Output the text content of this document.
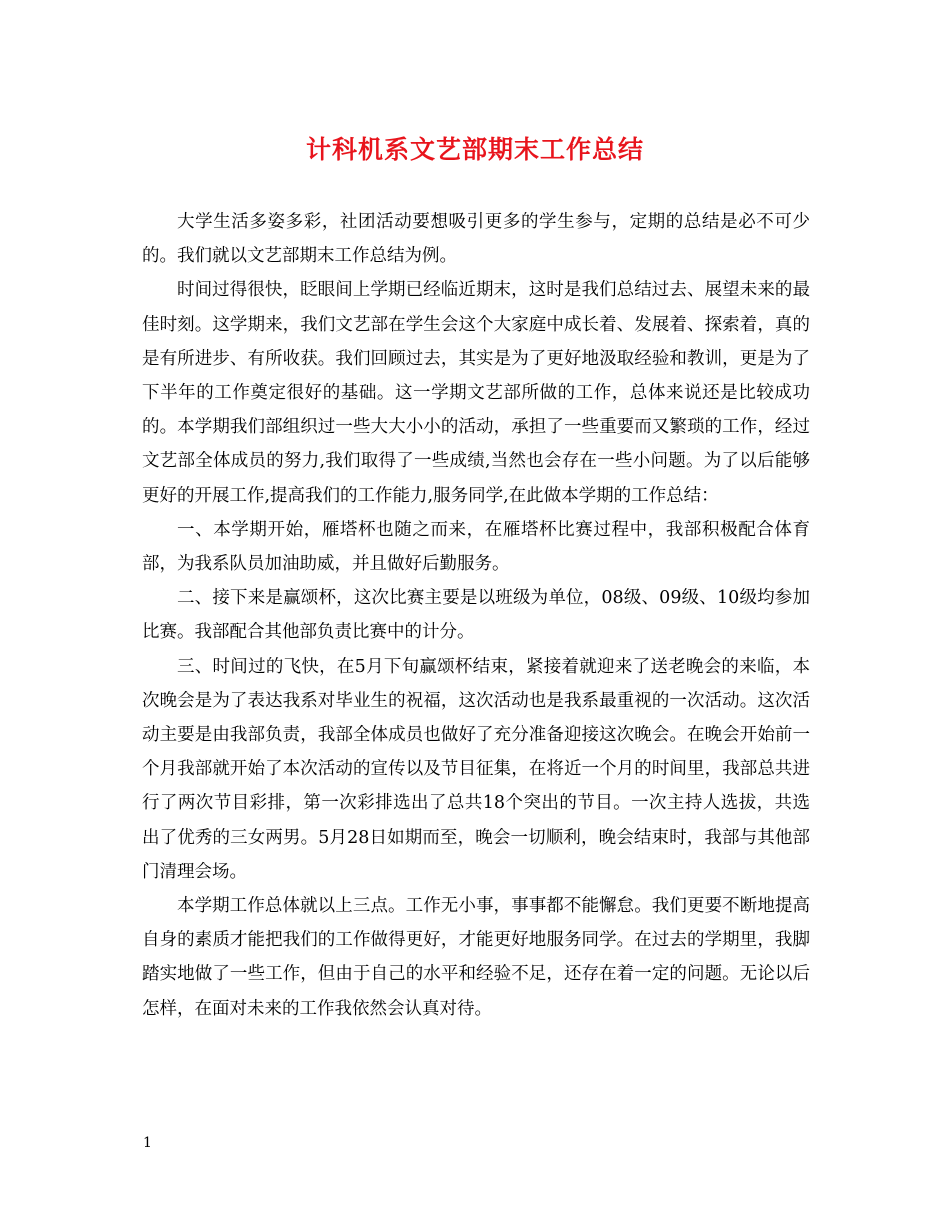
计科机系文艺部期末工作总结

大学生活多姿多彩，社团活动要想吸引更多的学生参与，定期的总结是必不可少的。我们就以文艺部期末工作总结为例。

时间过得很快，眨眼间上学期已经临近期末，这时是我们总结过去、展望未来的最佳时刻。这学期来，我们文艺部在学生会这个大家庭中成长着、发展着、探索着，真的是有所进步、有所收获。我们回顾过去，其实是为了更好地汲取经验和教训，更是为了下半年的工作奠定很好的基础。这一学期文艺部所做的工作，总体来说还是比较成功的。本学期我们部组织过一些大大小小的活动，承担了一些重要而又繁琐的工作，经过文艺部全体成员的努力,我们取得了一些成绩,当然也会存在一些小问题。为了以后能够更好的开展工作,提高我们的工作能力,服务同学,在此做本学期的工作总结：

一、本学期开始，雁塔杯也随之而来，在雁塔杯比赛过程中，我部积极配合体育部，为我系队员加油助威，并且做好后勤服务。

二、接下来是赢颂杯，这次比赛主要是以班级为单位，08级、09级、10级均参加比赛。我部配合其他部负责比赛中的计分。

三、时间过的飞快，在5月下旬赢颂杯结束，紧接着就迎来了送老晚会的来临，本次晚会是为了表达我系对毕业生的祝福，这次活动也是我系最重视的一次活动。这次活动主要是由我部负责，我部全体成员也做好了充分准备迎接这次晚会。在晚会开始前一个月我部就开始了本次活动的宣传以及节目征集，在将近一个月的时间里，我部总共进行了两次节目彩排，第一次彩排选出了总共18个突出的节目。一次主持人选拔，共选出了优秀的三女两男。5月28日如期而至，晚会一切顺利，晚会结束时，我部与其他部门清理会场。

本学期工作总体就以上三点。工作无小事，事事都不能懈怠。我们更要不断地提高自身的素质才能把我们的工作做得更好，才能更好地服务同学。在过去的学期里，我脚踏实地做了一些工作，但由于自己的水平和经验不足，还存在着一定的问题。无论以后怎样，在面对未来的工作我依然会认真对待。

1
